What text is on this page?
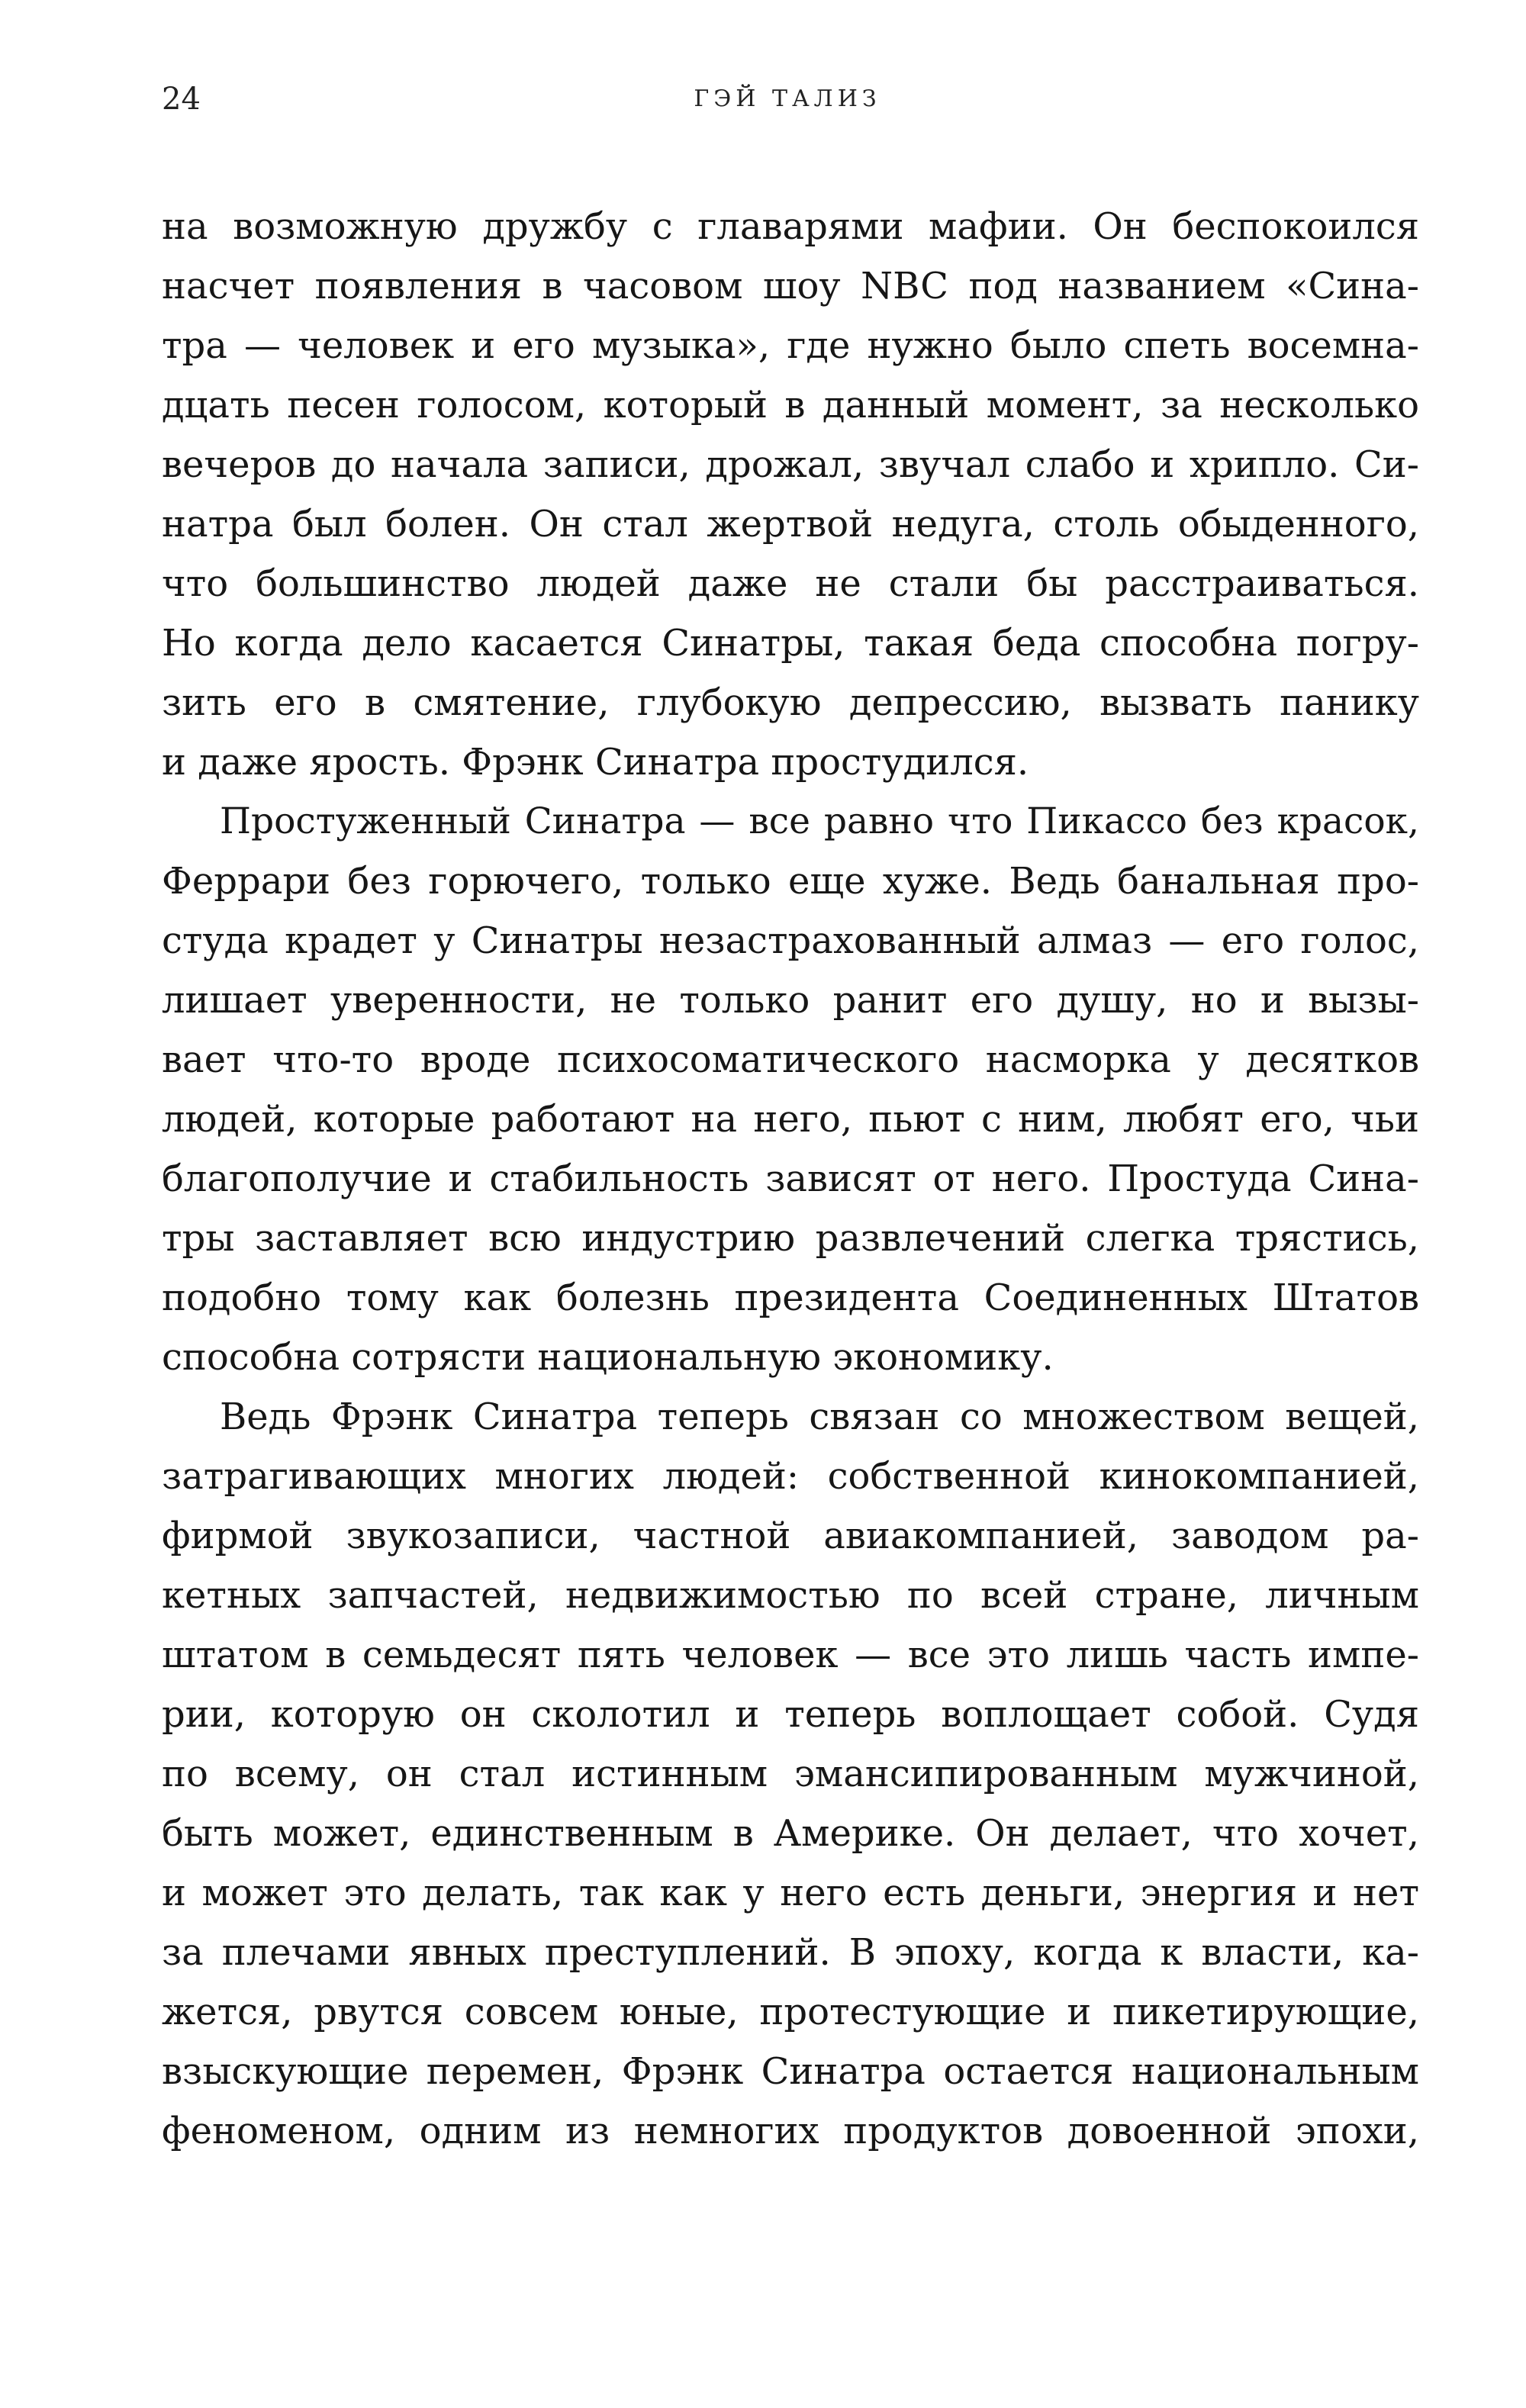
24	ГЭЙ ТАЛИЗ
на возможную дружбу с главарями мафии. Он беспокоился
насчет появления в часовом шоу NBC под названием «Сина-
тра — человек и его музыка», где нужно было спеть восемна-
дцать песен голосом, который в данный момент, за несколько
вечеров до начала записи, дрожал, звучал слабо и хрипло. Си-
натра был болен. Он стал жертвой недуга, столь обыденного,
что большинство людей даже не стали бы расстраиваться.
Но когда дело касается Синатры, такая беда способна погру-
зить его в смятение, глубокую депрессию, вызвать панику
и даже ярость. Фрэнк Синатра простудился.
Простуженный Синатра — все равно что Пикассо без красок,
Феррари без горючего, только еще хуже. Ведь банальная про-
студа крадет у Синатры незастрахованный алмаз — его голос,
лишает уверенности, не только ранит его душу, но и вызы-
вает что-то вроде психосоматического насморка у десятков
людей, которые работают на него, пьют с ним, любят его, чьи
благополучие и стабильность зависят от него. Простуда Сина-
тры заставляет всю индустрию развлечений слегка трястись,
подобно тому как болезнь президента Соединенных Штатов
способна сотрясти национальную экономику.
Ведь Фрэнк Синатра теперь связан со множеством вещей,
затрагивающих многих людей: собственной кинокомпанией,
фирмой звукозаписи, частной авиакомпанией, заводом ра-
кетных запчастей, недвижимостью по всей стране, личным
штатом в семьдесят пять человек — все это лишь часть импе-
рии, которую он сколотил и теперь воплощает собой. Судя
по всему, он стал истинным эмансипированным мужчиной,
быть может, единственным в Америке. Он делает, что хочет,
и может это делать, так как у него есть деньги, энергия и нет
за плечами явных преступлений. В эпоху, когда к власти, ка-
жется, рвутся совсем юные, протестующие и пикетирующие,
взыскующие перемен, Фрэнк Синатра остается национальным
феноменом, одним из немногих продуктов довоенной эпохи,
